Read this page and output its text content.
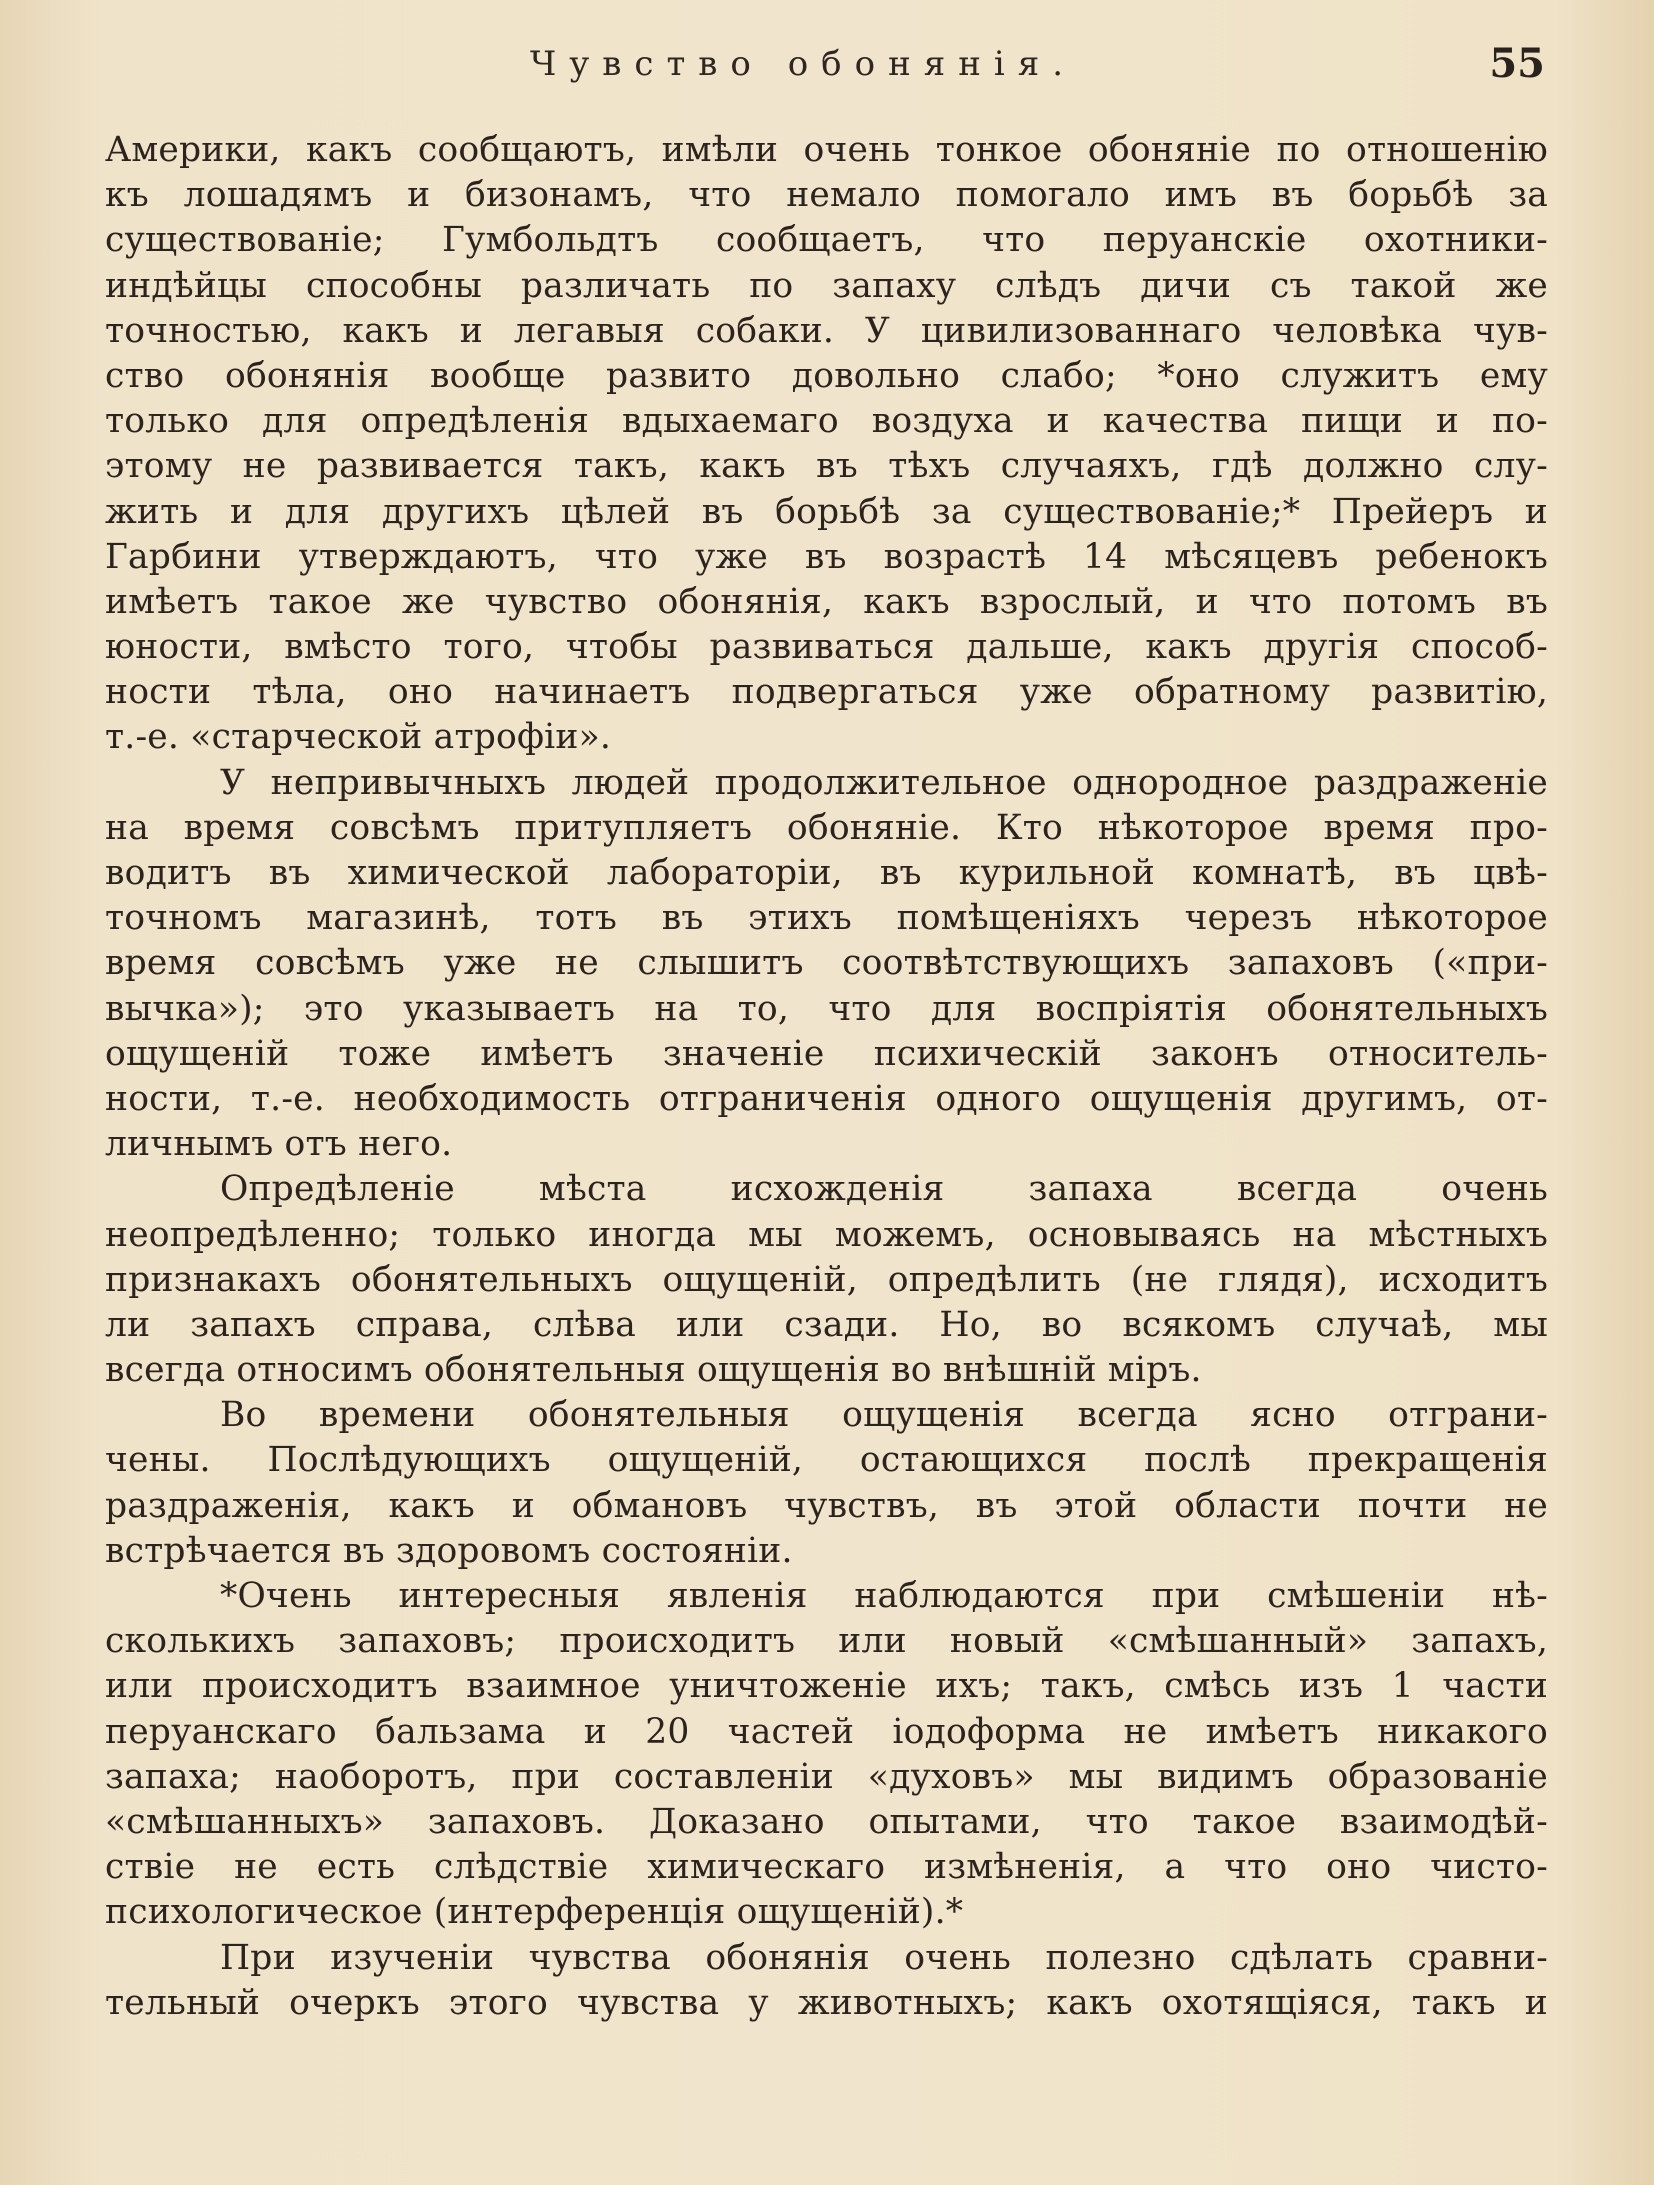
Чувство обонянія.	55
Америки, какъ сообщаютъ, имѣли очень тонкое обонянie по отношенію
къ лошадямъ и бизонамъ, что немало помогало имъ въ борьбѣ за
существованіе; Гумбольдтъ сообщаетъ, что перуанскіе охотники-
индѣйцы способны различать по запаху слѣдъ дичи съ такой же
точностью, какъ и легавыя собаки. У цивилизованнаго человѣка чув-
ство обонянія вообще развито довольно слабо; *оно служитъ ему
только для опредѣленія вдыхаемаго воздуха и качества пищи и по-
этому не развивается такъ, какъ въ тѣхъ случаяхъ, гдѣ должно слу-
жить и для другихъ цѣлей въ борьбѣ за существованіе;* Прейеръ и
Гарбини утверждаютъ, что уже въ возрастѣ 14 мѣсяцевъ ребенокъ
имѣетъ такое же чувство обонянія, какъ взрослый, и что потомъ въ
юности, вмѣсто того, чтобы развиваться дальше, какъ другія способ-
ности тѣла, оно начинаетъ подвергаться уже обратному развитію,
т.-е. «старческой атрофіи».
У непривычныхъ людей продолжительное однородное раздраженіе
на время совсѣмъ притупляетъ обоняніе. Кто нѣкоторое время про-
водитъ въ химической лабораторіи, въ курильной комнатѣ, въ цвѣ-
точномъ магазинѣ, тотъ въ этихъ помѣщеніяхъ черезъ нѣкоторое
время совсѣмъ уже не слышитъ соотвѣтствующихъ запаховъ («при-
вычка»); это указываетъ на то, что для воспріятія обонятельныхъ
ощущеній тоже имѣетъ значеніе психическій законъ относитель-
ности, т.-е. необходимость отграниченія одного ощущенія другимъ, от-
личнымъ отъ него.
Опредѣленіе мѣста исхожденія запаха всегда очень
неопредѣленно; только иногда мы можемъ, основываясь на мѣстныхъ
признакахъ обонятельныхъ ощущеній, опредѣлить (не глядя), исходитъ
ли запахъ справа, слѣва или сзади. Но, во всякомъ случаѣ, мы
всегда относимъ обонятельныя ощущенія во внѣшній міръ.
Во времени обонятельныя ощущенія всегда ясно отграни-
чены. Послѣдующихъ ощущеній, остающихся послѣ прекращенія
раздраженія, какъ и обмановъ чувствъ, въ этой области почти не
встрѣчается въ здоровомъ состояніи.
*Очень интересныя явленія наблюдаются при смѣшеніи нѣ-
сколькихъ запаховъ; происходитъ или новый «смѣшанный» запахъ,
или происходитъ взаимное уничтоженіе ихъ; такъ, смѣсь изъ 1 части
перуанскаго бальзама и 20 частей іодоформа не имѣетъ никакого
запаха; наоборотъ, при составленіи «духовъ» мы видимъ образованіе
«смѣшанныхъ» запаховъ. Доказано опытами, что такое взаимодѣй-
ствіе не есть слѣдствіе химическаго измѣненія, а что оно чисто-
психологическое (интерференція ощущеній).*
При изученіи чувства обонянія очень полезно сдѣлать сравни-
тельный очеркъ этого чувства у животныхъ; какъ охотящіяся, такъ и
